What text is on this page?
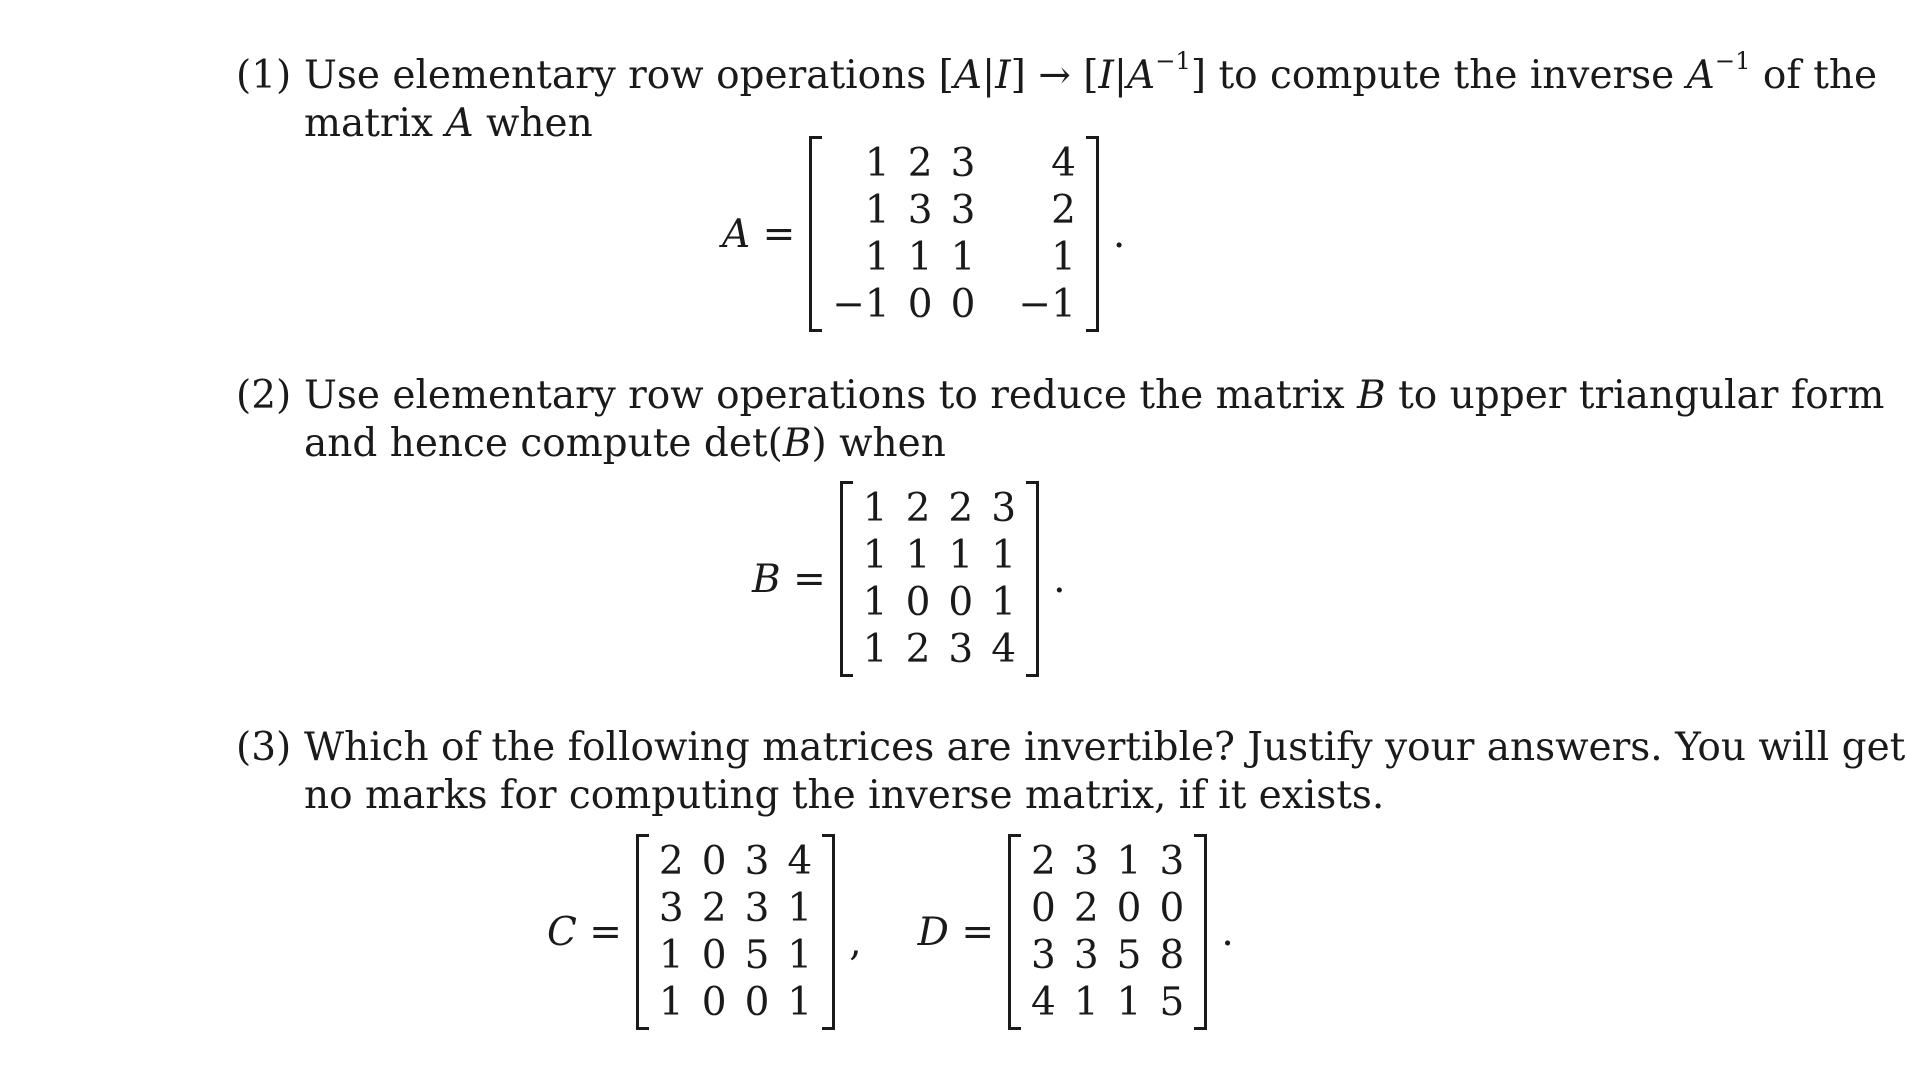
(1) Use elementary row operations $[A|I] \to [I|A^{-1}]$ to compute the inverse $A^{-1}$ of the
matrix A when
A =
1	2	3	4
1	3	3	2
1	1	1	1
−1	0	0	−1
.
(2) Use elementary row operations to reduce the matrix B to upper triangular form
and hence compute det(B) when
B =
1	2	2	3
1	1	1	1
1	0	0	1
1	2	3	4
.
(3) Which of the following matrices are invertible? Justify your answers. You will get
no marks for computing the inverse matrix, if it exists.
C =
2	0	3	4
3	2	3	1
1	0	5	1
1	0	0	1
, D =
2	3	1	3
0	2	0	0
3	3	5	8
4	1	1	5
.
